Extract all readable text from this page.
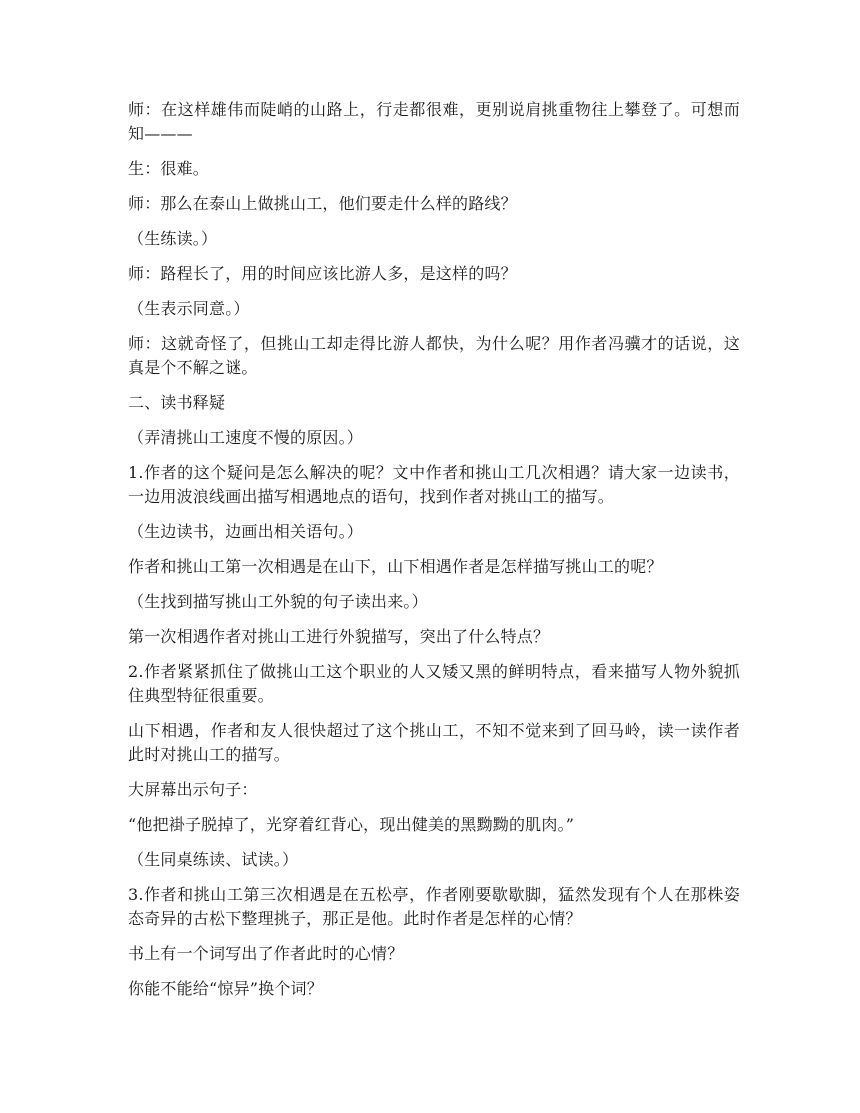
师：在这样雄伟而陡峭的山路上，行走都很难，更别说肩挑重物往上攀登了。可想而知———

生：很难。

师：那么在泰山上做挑山工，他们要走什么样的路线？

（生练读。）

师：路程长了，用的时间应该比游人多，是这样的吗？

（生表示同意。）

师：这就奇怪了，但挑山工却走得比游人都快，为什么呢？用作者冯骥才的话说，这真是个不解之谜。

二、读书释疑

（弄清挑山工速度不慢的原因。）

1.作者的这个疑问是怎么解决的呢？文中作者和挑山工几次相遇？请大家一边读书，一边用波浪线画出描写相遇地点的语句，找到作者对挑山工的描写。

（生边读书，边画出相关语句。）

作者和挑山工第一次相遇是在山下，山下相遇作者是怎样描写挑山工的呢？

（生找到描写挑山工外貌的句子读出来。）

第一次相遇作者对挑山工进行外貌描写，突出了什么特点？

2.作者紧紧抓住了做挑山工这个职业的人又矮又黑的鲜明特点，看来描写人物外貌抓住典型特征很重要。

山下相遇，作者和友人很快超过了这个挑山工，不知不觉来到了回马岭，读一读作者此时对挑山工的描写。

大屏幕出示句子：

“他把褂子脱掉了，光穿着红背心，现出健美的黑黝黝的肌肉。”

（生同桌练读、试读。）

3.作者和挑山工第三次相遇是在五松亭，作者刚要歇歇脚，猛然发现有个人在那株姿态奇异的古松下整理挑子，那正是他。此时作者是怎样的心情？

书上有一个词写出了作者此时的心情？

你能不能给“惊异”换个词？
